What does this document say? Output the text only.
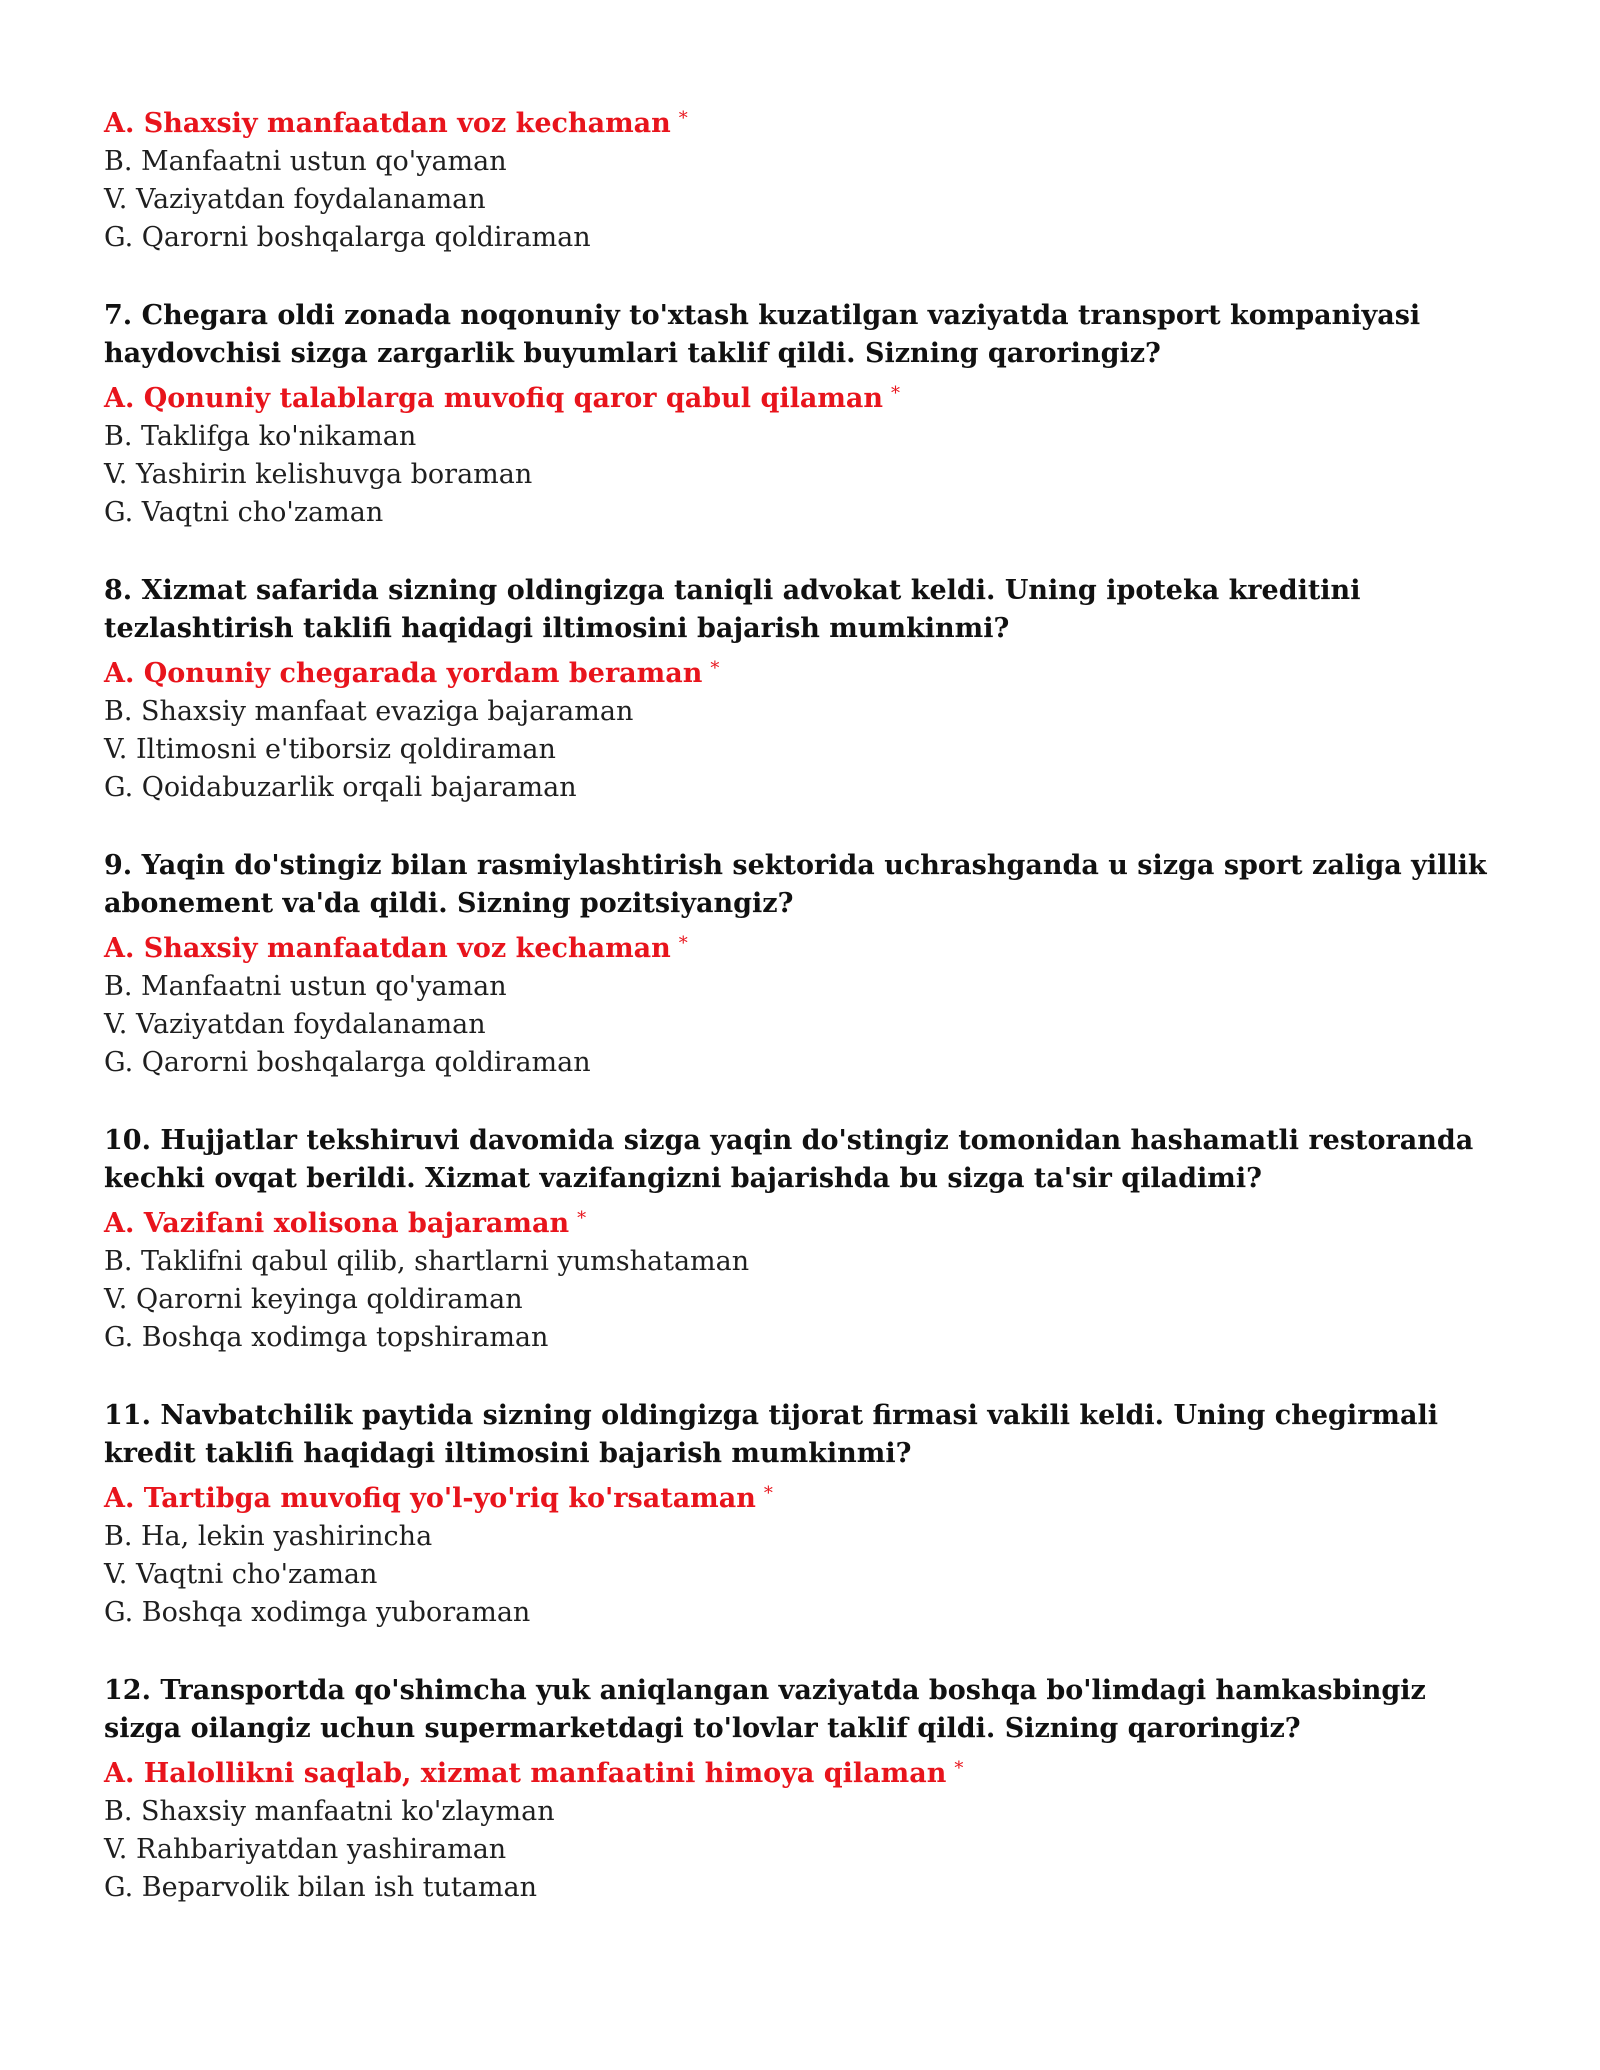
A. Shaxsiy manfaatdan voz kechaman *
B. Manfaatni ustun qo'yaman
V. Vaziyatdan foydalanaman
G. Qarorni boshqalarga qoldiraman
7. Chegara oldi zonada noqonuniy to'xtash kuzatilgan vaziyatda transport kompaniyasi haydovchisi sizga zargarlik buyumlari taklif qildi. Sizning qaroringiz?
A. Qonuniy talablarga muvofiq qaror qabul qilaman *
B. Taklifga ko'nikaman
V. Yashirin kelishuvga boraman
G. Vaqtni cho'zaman
8. Xizmat safarida sizning oldingizga taniqli advokat keldi. Uning ipoteka kreditini tezlashtirish taklifi haqidagi iltimosini bajarish mumkinmi?
A. Qonuniy chegarada yordam beraman *
B. Shaxsiy manfaat evaziga bajaraman
V. Iltimosni e'tiborsiz qoldiraman
G. Qoidabuzarlik orqali bajaraman
9. Yaqin do'stingiz bilan rasmiylashtirish sektorida uchrashganda u sizga sport zaliga yillik abonement va'da qildi. Sizning pozitsiyangiz?
A. Shaxsiy manfaatdan voz kechaman *
B. Manfaatni ustun qo'yaman
V. Vaziyatdan foydalanaman
G. Qarorni boshqalarga qoldiraman
10. Hujjatlar tekshiruvi davomida sizga yaqin do'stingiz tomonidan hashamatli restoranda kechki ovqat berildi. Xizmat vazifangizni bajarishda bu sizga ta'sir qiladimi?
A. Vazifani xolisona bajaraman *
B. Taklifni qabul qilib, shartlarni yumshataman
V. Qarorni keyinga qoldiraman
G. Boshqa xodimga topshiraman
11. Navbatchilik paytida sizning oldingizga tijorat firmasi vakili keldi. Uning chegirmali kredit taklifi haqidagi iltimosini bajarish mumkinmi?
A. Tartibga muvofiq yo'l-yo'riq ko'rsataman *
B. Ha, lekin yashirincha
V. Vaqtni cho'zaman
G. Boshqa xodimga yuboraman
12. Transportda qo'shimcha yuk aniqlangan vaziyatda boshqa bo'limdagi hamkasbingiz sizga oilangiz uchun supermarketdagi to'lovlar taklif qildi. Sizning qaroringiz?
A. Halollikni saqlab, xizmat manfaatini himoya qilaman *
B. Shaxsiy manfaatni ko'zlayman
V. Rahbariyatdan yashiraman
G. Beparvolik bilan ish tutaman
